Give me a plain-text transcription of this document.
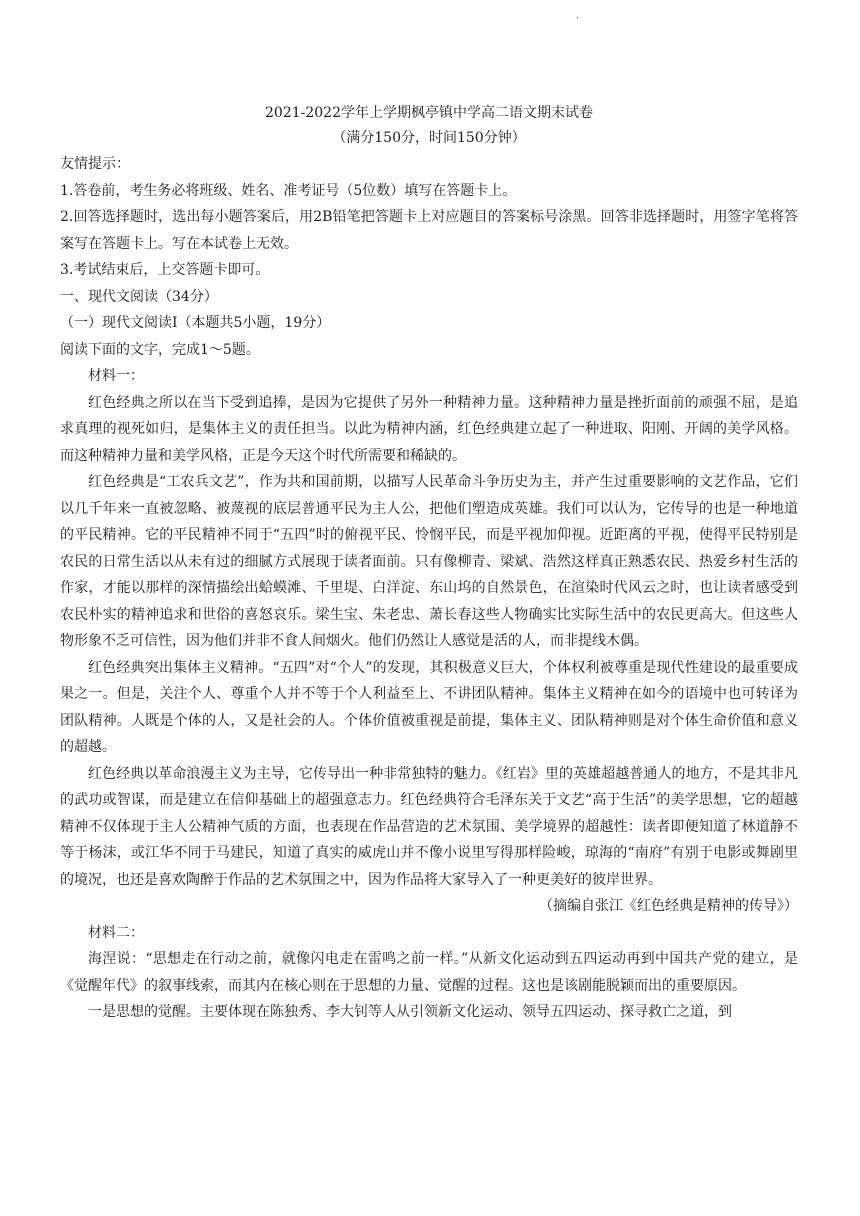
·
2021-2022学年上学期枫亭镇中学高二语文期末试卷
（满分150分，时间150分钟）

友情提示：

1.答卷前，考生务必将班级、姓名、准考证号（5位数）填写在答题卡上。

2.回答选择题时，选出每小题答案后，用2B铅笔把答题卡上对应题目的答案标号涂黑。回答非选择题时，用签字笔将答案写在答题卡上。写在本试卷上无效。

3.考试结束后，上交答题卡即可。

一、现代文阅读（34分）

（一）现代文阅读Ⅰ（本题共5小题，19分）

阅读下面的文字，完成1～5题。

材料一：

红色经典之所以在当下受到追捧，是因为它提供了另外一种精神力量。这种精神力量是挫折面前的顽强不屈，是追求真理的视死如归，是集体主义的责任担当。以此为精神内涵，红色经典建立起了一种进取、阳刚、开阔的美学风格。而这种精神力量和美学风格，正是今天这个时代所需要和稀缺的。

红色经典是“工农兵文艺”，作为共和国前期，以描写人民革命斗争历史为主，并产生过重要影响的文艺作品，它们以几千年来一直被忽略、被蔑视的底层普通平民为主人公，把他们塑造成英雄。我们可以认为，它传导的也是一种地道的平民精神。它的平民精神不同于“五四”时的俯视平民、怜悯平民，而是平视加仰视。近距离的平视，使得平民特别是农民的日常生活以从未有过的细腻方式展现于读者面前。只有像柳青、梁斌、浩然这样真正熟悉农民、热爱乡村生活的作家，才能以那样的深情描绘出蛤蟆滩、千里堤、白洋淀、东山坞的自然景色，在渲染时代风云之时，也让读者感受到农民朴实的精神追求和世俗的喜怒哀乐。梁生宝、朱老忠、萧长春这些人物确实比实际生活中的农民更高大。但这些人物形象不乏可信性，因为他们并非不食人间烟火。他们仍然让人感觉是活的人，而非提线木偶。

红色经典突出集体主义精神。“五四”对“个人”的发现，其积极意义巨大，个体权利被尊重是现代性建设的最重要成果之一。但是，关注个人、尊重个人并不等于个人利益至上、不讲团队精神。集体主义精神在如今的语境中也可转译为团队精神。人既是个体的人，又是社会的人。个体价值被重视是前提，集体主义、团队精神则是对个体生命价值和意义的超越。

红色经典以革命浪漫主义为主导，它传导出一种非常独特的魅力。《红岩》里的英雄超越普通人的地方，不是其非凡的武功或智谋，而是建立在信仰基础上的超强意志力。红色经典符合毛泽东关于文艺“高于生活”的美学思想，它的超越精神不仅体现于主人公精神气质的方面，也表现在作品营造的艺术氛围、美学境界的超越性：读者即便知道了林道静不等于杨沫，或江华不同于马建民，知道了真实的威虎山并不像小说里写得那样险峻，琼海的“南府”有别于电影或舞剧里的境况，也还是喜欢陶醉于作品的艺术氛围之中，因为作品将大家导入了一种更美好的彼岸世界。

（摘编自张江《红色经典是精神的传导》）

材料二：

海涅说：“思想走在行动之前，就像闪电走在雷鸣之前一样。”从新文化运动到五四运动再到中国共产党的建立，是《觉醒年代》的叙事线索，而其内在核心则在于思想的力量、觉醒的过程。这也是该剧能脱颖而出的重要原因。

一是思想的觉醒。主要体现在陈独秀、李大钊等人从引领新文化运动、领导五四运动、探寻救亡之道，到
